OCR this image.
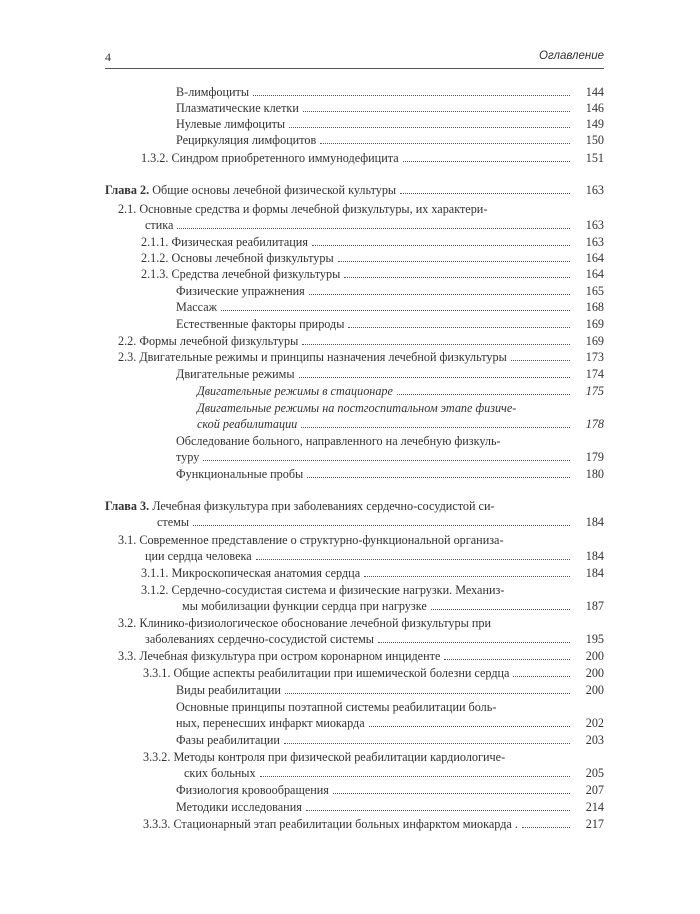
4	Оглавление
В-лимфоциты	144
Плазматические клетки	146
Нулевые лимфоциты	149
Рециркуляция лимфоцитов	150
1.3.2. Синдром приобретенного иммунодефицита	151
Глава 2. Общие основы лечебной физической культуры	163
2.1. Основные средства и формы лечебной физкультуры, их характери-
стика	163
2.1.1. Физическая реабилитация	163
2.1.2. Основы лечебной физкультуры	164
2.1.3. Средства лечебной физкультуры	164
Физические упражнения	165
Массаж	168
Естественные факторы природы	169
2.2. Формы лечебной физкультуры	169
2.3. Двигательные режимы и принципы назначения лечебной физкультуры	173
Двигательные режимы	174
Двигательные режимы в стационаре	175
Двигательные режимы на постгоспитальном этапе физиче-
ской реабилитации	178
Обследование больного, направленного на лечебную физкуль-
туру	179
Функциональные пробы	180
Глава 3. Лечебная физкультура при заболеваниях сердечно-сосудистой си-
стемы	184
3.1. Современное представление о структурно-функциональной организа-
ции сердца человека	184
3.1.1. Микроскопическая анатомия сердца	184
3.1.2. Сердечно-сосудистая система и физические нагрузки. Механиз-
мы мобилизации функции сердца при нагрузке	187
3.2. Клинико-физиологическое обоснование лечебной физкультуры при
заболеваниях сердечно-сосудистой системы	195
3.3. Лечебная физкультура при остром коронарном инциденте	200
3.3.1. Общие аспекты реабилитации при ишемической болезни сердца	200
Виды реабилитации	200
Основные принципы поэтапной системы реабилитации боль-
ных, перенесших инфаркт миокарда	202
Фазы реабилитации	203
3.3.2. Методы контроля при физической реабилитации кардиологиче-
ских больных	205
Физиология кровообращения	207
Методики исследования	214
3.3.3. Стационарный этап реабилитации больных инфарктом миокарда .	217
